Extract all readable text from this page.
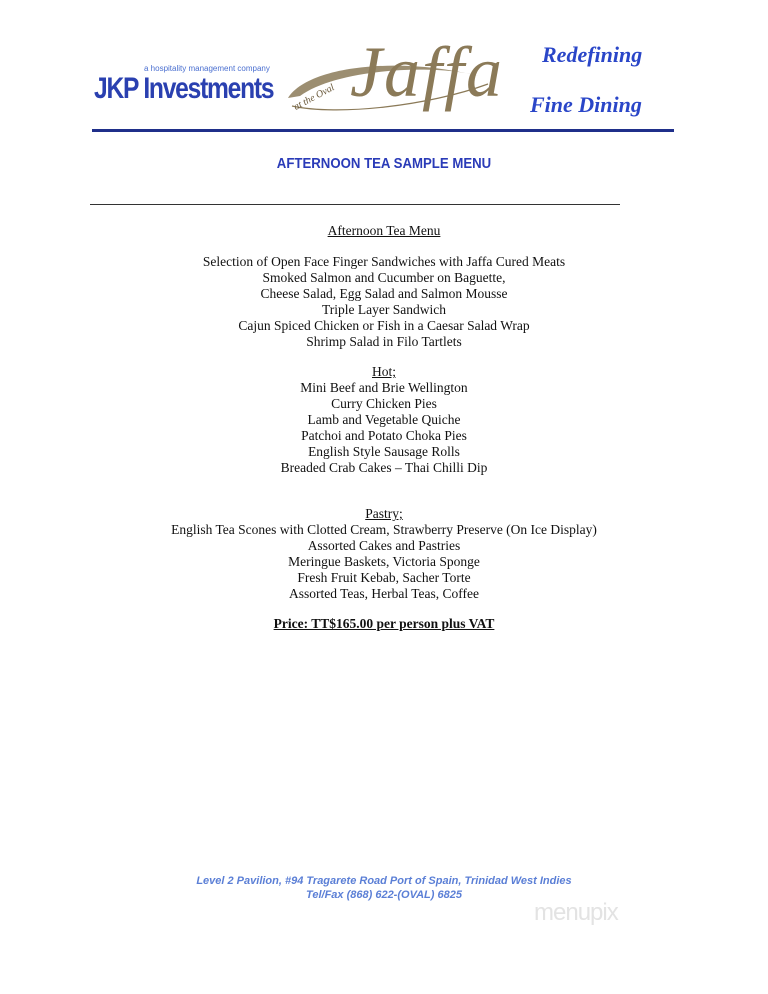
a hospitality management company
JKP Investments at the Oval Jaffa Redefining
Fine Dining
AFTERNOON TEA SAMPLE MENU
Afternoon Tea Menu
Selection of Open Face Finger Sandwiches with Jaffa Cured Meats
Smoked Salmon and Cucumber on Baguette,
Cheese Salad, Egg Salad and Salmon Mousse
Triple Layer Sandwich
Cajun Spiced Chicken or Fish in a Caesar Salad Wrap
Shrimp Salad in Filo Tartlets
Hot;
Mini Beef and Brie Wellington
Curry Chicken Pies
Lamb and Vegetable Quiche
Patchoi and Potato Choka Pies
English Style Sausage Rolls
Breaded Crab Cakes – Thai Chilli Dip
Pastry;
English Tea Scones with Clotted Cream, Strawberry Preserve (On Ice Display)
Assorted Cakes and Pastries
Meringue Baskets, Victoria Sponge
Fresh Fruit Kebab, Sacher Torte
Assorted Teas, Herbal Teas, Coffee
Price: TT$165.00 per person plus VAT
Level 2 Pavilion, #94 Tragarete Road Port of Spain, Trinidad West Indies
Tel/Fax (868) 622-(OVAL) 6825
menupix
